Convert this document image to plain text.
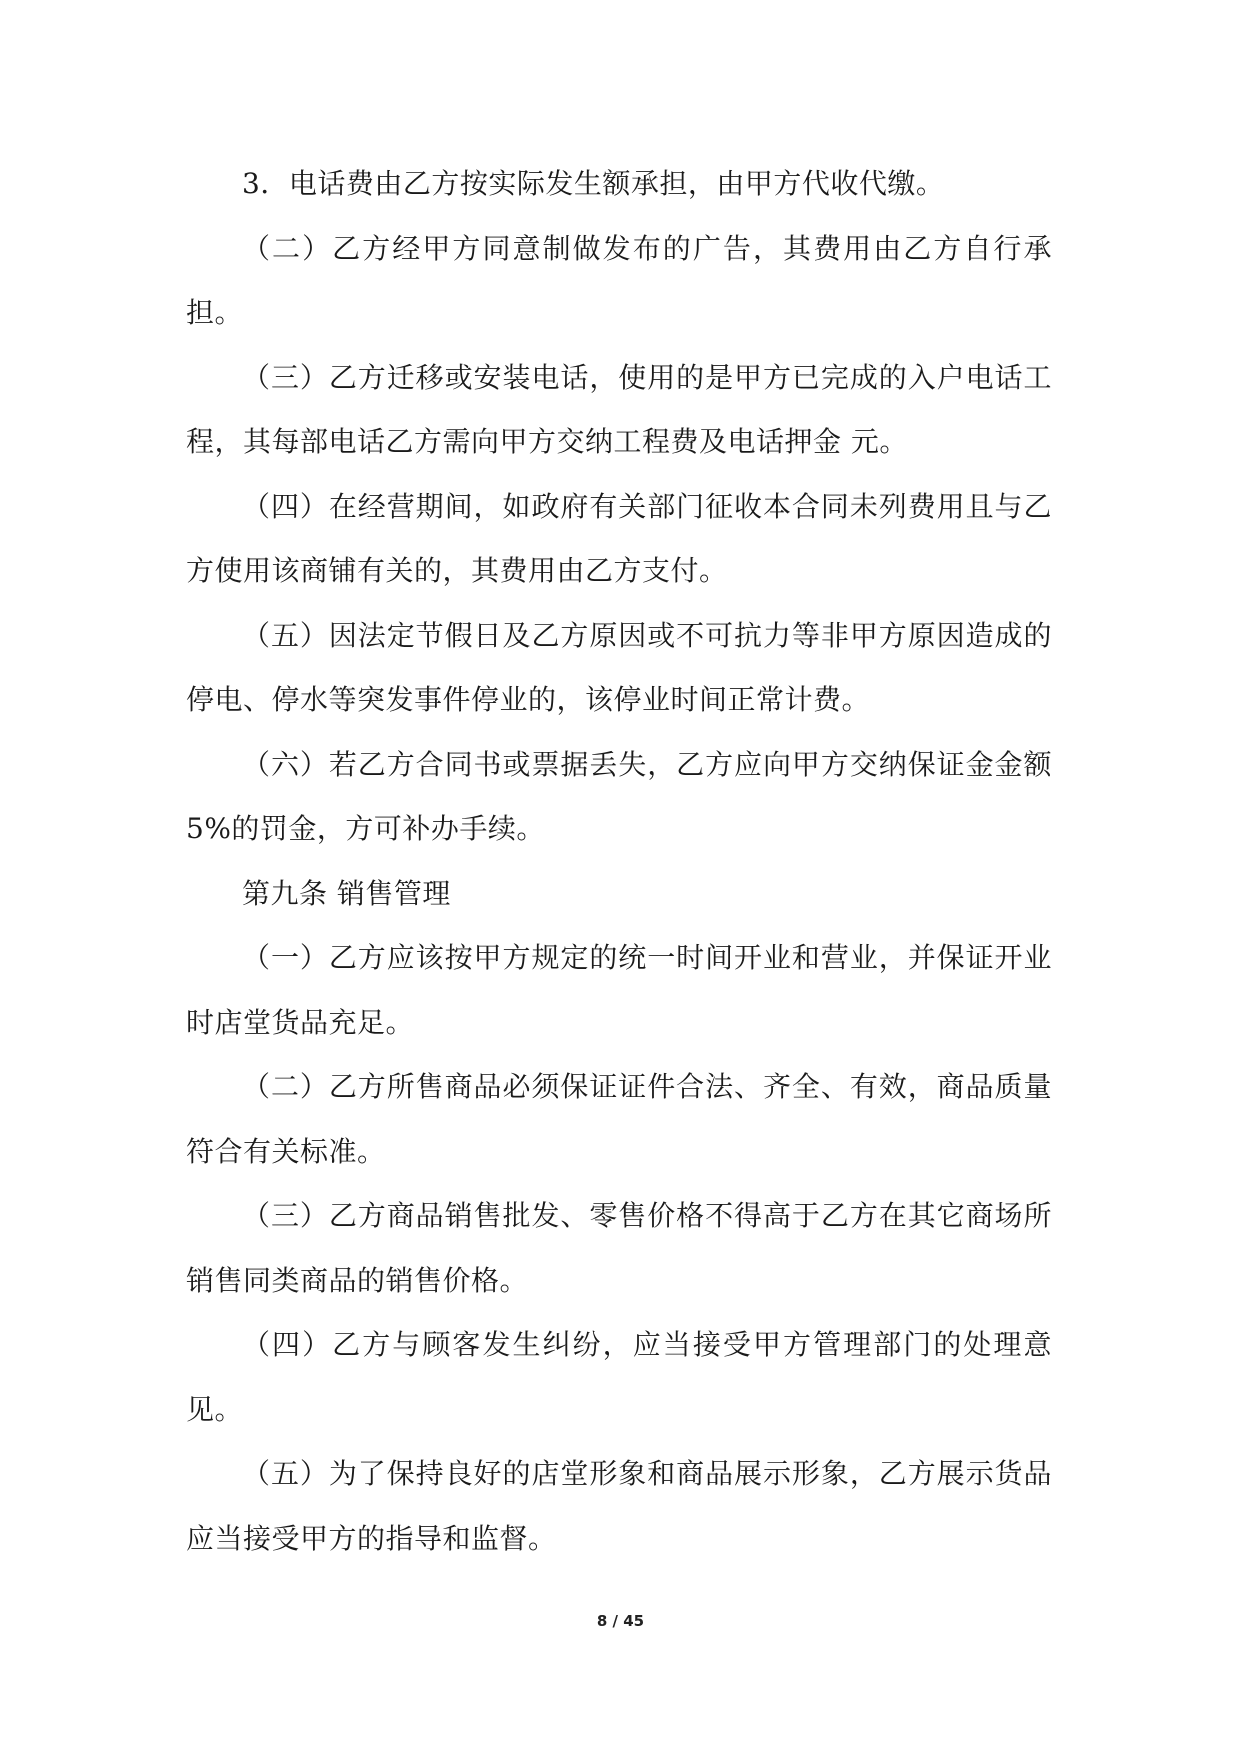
3．电话费由乙方按实际发生额承担，由甲方代收代缴。

（二）乙方经甲方同意制做发布的广告，其费用由乙方自行承担。

（三）乙方迁移或安装电话，使用的是甲方已完成的入户电话工程，其每部电话乙方需向甲方交纳工程费及电话押金 元。

（四）在经营期间，如政府有关部门征收本合同未列费用且与乙方使用该商铺有关的，其费用由乙方支付。

（五）因法定节假日及乙方原因或不可抗力等非甲方原因造成的停电、停水等突发事件停业的，该停业时间正常计费。

（六）若乙方合同书或票据丢失，乙方应向甲方交纳保证金金额 5%的罚金，方可补办手续。

第九条 销售管理

（一）乙方应该按甲方规定的统一时间开业和营业，并保证开业时店堂货品充足。

（二）乙方所售商品必须保证证件合法、齐全、有效，商品质量符合有关标准。

（三）乙方商品销售批发、零售价格不得高于乙方在其它商场所销售同类商品的销售价格。

（四）乙方与顾客发生纠纷，应当接受甲方管理部门的处理意见。

（五）为了保持良好的店堂形象和商品展示形象，乙方展示货品应当接受甲方的指导和监督。

8 / 45
